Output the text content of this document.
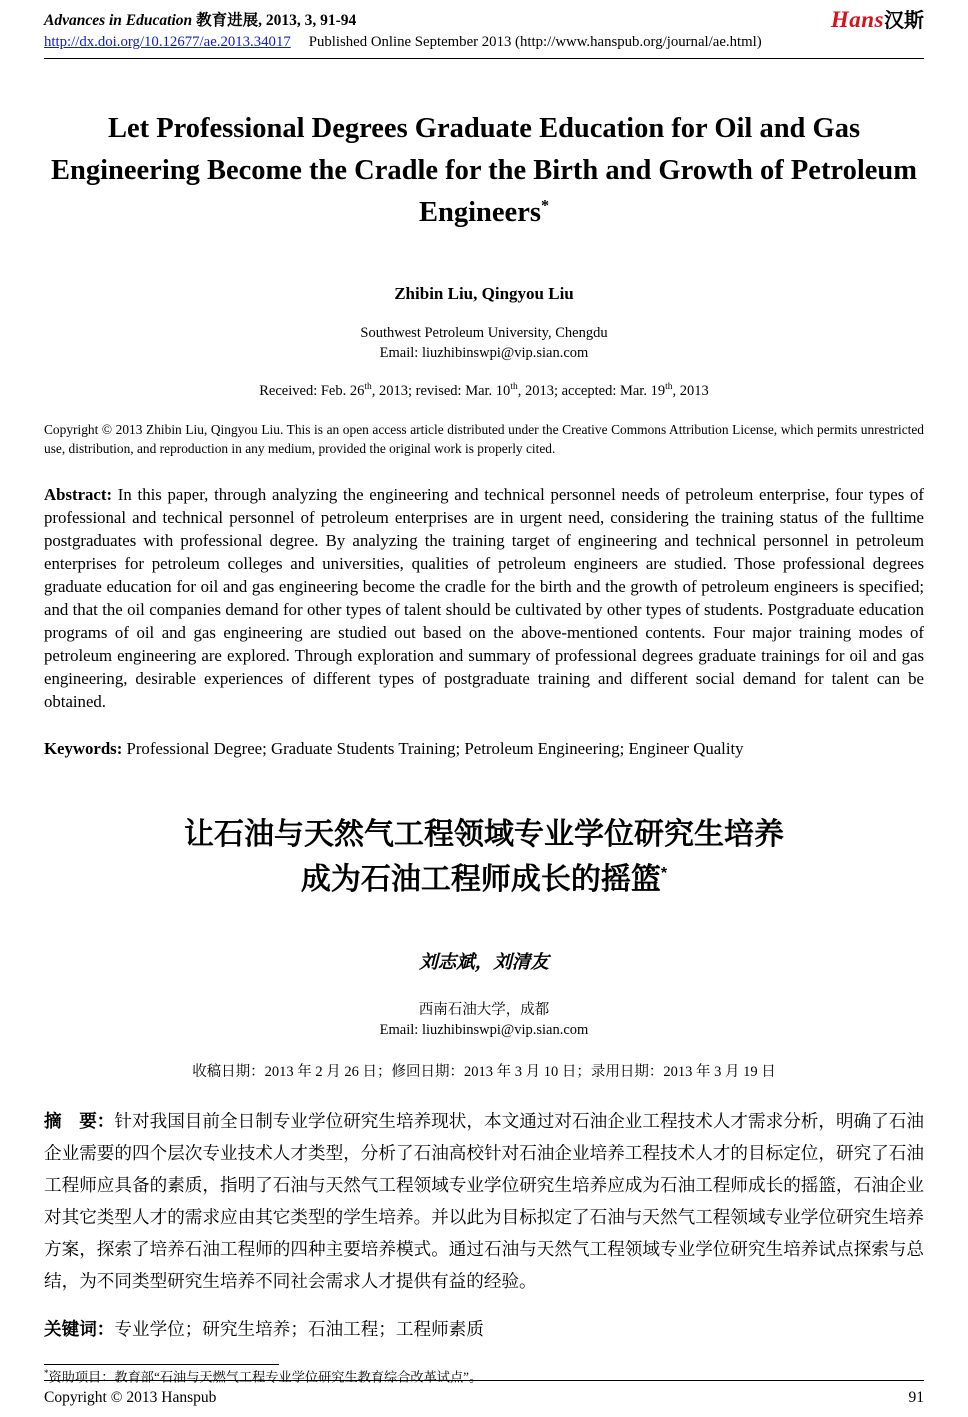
Advances in Education 教育进展, 2013, 3, 91-94	Hans汉斯
http://dx.doi.org/10.12677/ae.2013.34017 Published Online September 2013 (http://www.hanspub.org/journal/ae.html)
Let Professional Degrees Graduate Education for Oil and Gas Engineering Become the Cradle for the Birth and Growth of Petroleum Engineers*
Zhibin Liu, Qingyou Liu
Southwest Petroleum University, Chengdu
Email: liuzhibinswpi@vip.sian.com
Received: Feb. 26th, 2013; revised: Mar. 10th, 2013; accepted: Mar. 19th, 2013

Copyright © 2013 Zhibin Liu, Qingyou Liu. This is an open access article distributed under the Creative Commons Attribution License, which permits unrestricted use, distribution, and reproduction in any medium, provided the original work is properly cited.

Abstract: In this paper, through analyzing the engineering and technical personnel needs of petroleum enterprise, four types of professional and technical personnel of petroleum enterprises are in urgent need, considering the training status of the fulltime postgraduates with professional degree. By analyzing the training target of engineering and technical personnel in petroleum enterprises for petroleum colleges and universities, qualities of petroleum engineers are studied. Those professional degrees graduate education for oil and gas engineering become the cradle for the birth and the growth of petroleum engineers is specified; and that the oil companies demand for other types of talent should be cultivated by other types of students. Postgraduate education programs of oil and gas engineering are studied out based on the above-mentioned contents. Four major training modes of petroleum engineering are explored. Through exploration and summary of professional degrees graduate trainings for oil and gas engineering, desirable experiences of different types of postgraduate training and different social demand for talent can be obtained.

Keywords: Professional Degree; Graduate Students Training; Petroleum Engineering; Engineer Quality

让石油与天然气工程领域专业学位研究生培养
成为石油工程师成长的摇篮*
刘志斌，刘清友
西南石油大学，成都
Email: liuzhibinswpi@vip.sian.com
收稿日期：2013 年 2 月 26 日；修回日期：2013 年 3 月 10 日；录用日期：2013 年 3 月 19 日

摘　要：针对我国目前全日制专业学位研究生培养现状，本文通过对石油企业工程技术人才需求分析，明确了石油企业需要的四个层次专业技术人才类型，分析了石油高校针对石油企业培养工程技术人才的目标定位，研究了石油工程师应具备的素质，指明了石油与天然气工程领域专业学位研究生培养应成为石油工程师成长的摇篮，石油企业对其它类型人才的需求应由其它类型的学生培养。并以此为目标拟定了石油与天然气工程领域专业学位研究生培养方案，探索了培养石油工程师的四种主要培养模式。通过石油与天然气工程领域专业学位研究生培养试点探索与总结，为不同类型研究生培养不同社会需求人才提供有益的经验。

关键词：专业学位；研究生培养；石油工程；工程师素质

*资助项目：教育部“石油与天燃气工程专业学位研究生教育综合改革试点”。
Copyright © 2013 Hanspub	91
